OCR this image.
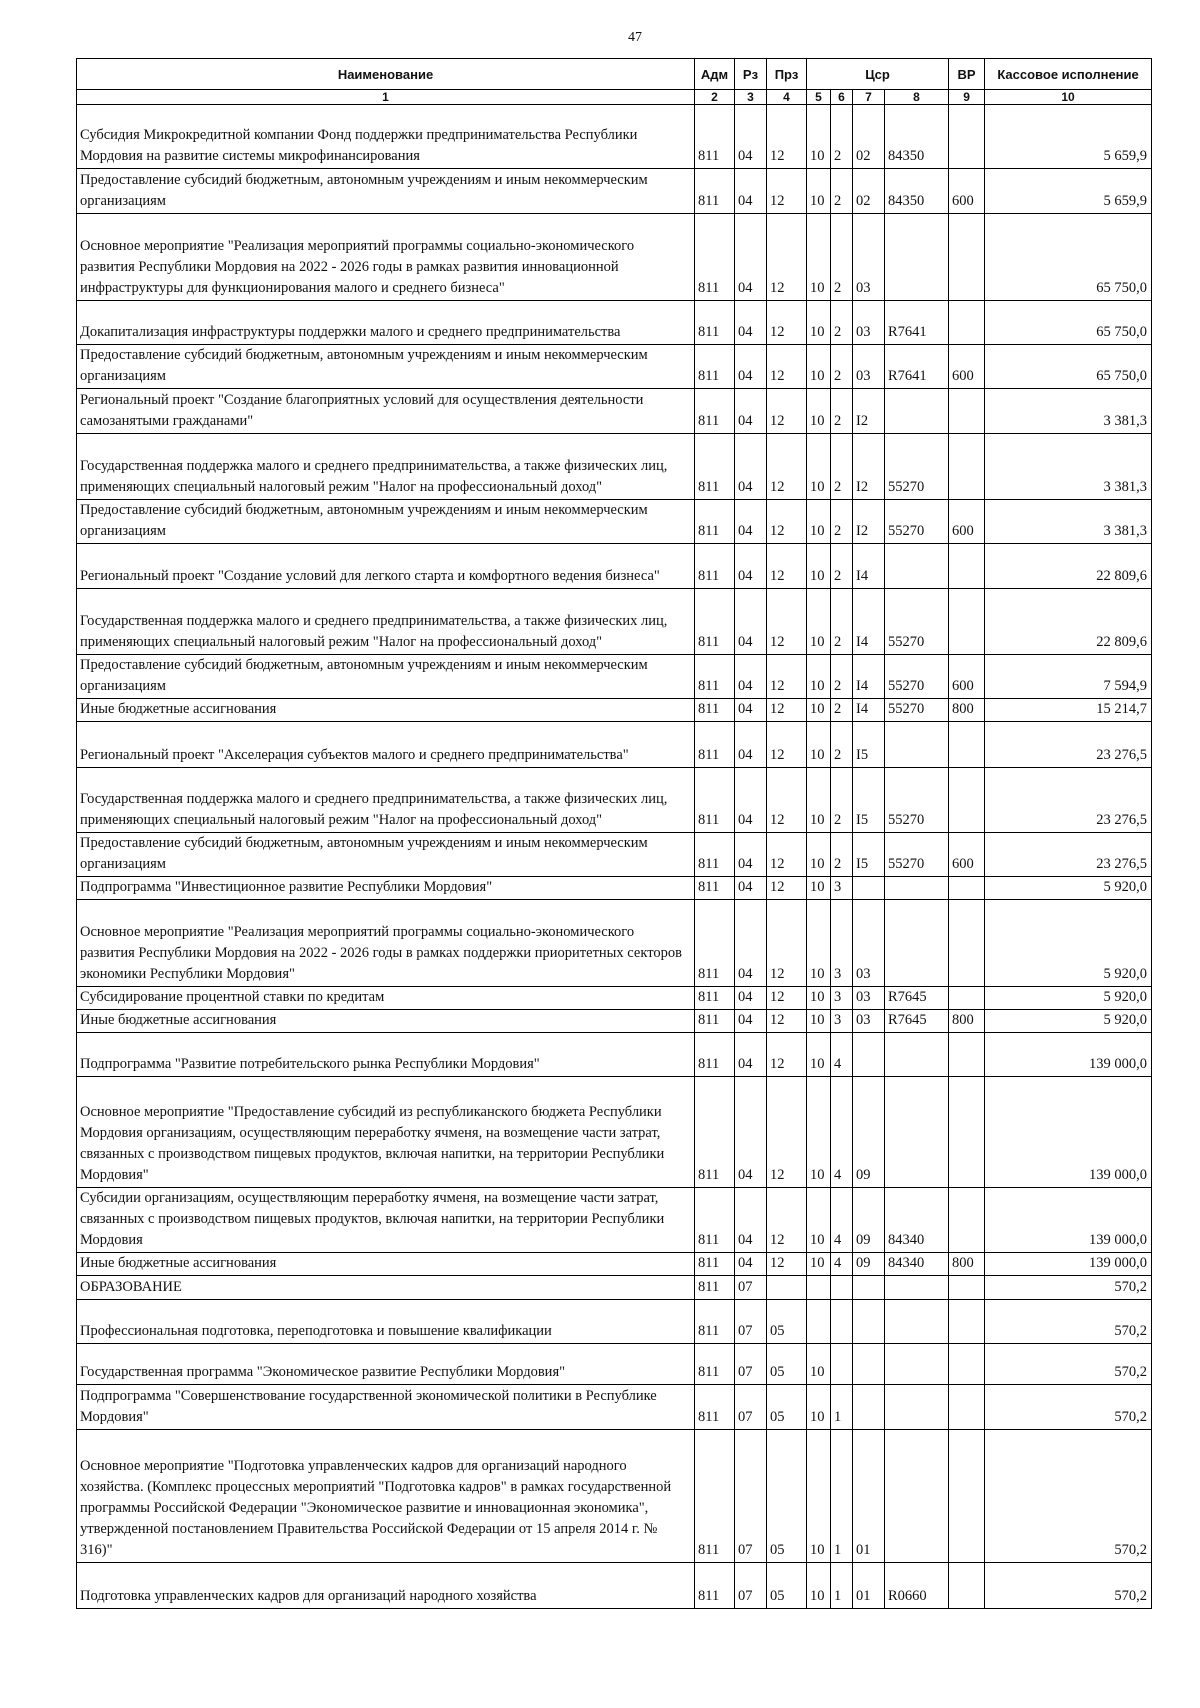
47
Наименование	Адм	Рз	Прз	Цср				ВР	Кассовое исполнение
1	2	3	4	5	6	7	8	9	10
Субсидия Микрокредитной компании Фонд поддержки предпринимательства Республики Мордовия на развитие системы микрофинансирования	811	04	12	10	2	02	84350		5 659,9
Предоставление субсидий бюджетным, автономным учреждениям и иным некоммерческим организациям	811	04	12	10	2	02	84350	600	5 659,9
Основное мероприятие "Реализация мероприятий программы социально-экономического развития Республики Мордовия на 2022 - 2026 годы в рамках развития инновационной инфраструктуры для функционирования малого и среднего бизнеса"	811	04	12	10	2	03			65 750,0
Докапитализация инфраструктуры поддержки малого и среднего предпринимательства	811	04	12	10	2	03	R7641		65 750,0
Предоставление субсидий бюджетным, автономным учреждениям и иным некоммерческим организациям	811	04	12	10	2	03	R7641	600	65 750,0
Региональный проект "Создание благоприятных условий для осуществления деятельности самозанятыми гражданами"	811	04	12	10	2	I2			3 381,3
Государственная поддержка малого и среднего предпринимательства, а также физических лиц, применяющих специальный налоговый режим "Налог на профессиональный доход"	811	04	12	10	2	I2	55270		3 381,3
Предоставление субсидий бюджетным, автономным учреждениям и иным некоммерческим организациям	811	04	12	10	2	I2	55270	600	3 381,3
Региональный проект "Создание условий для легкого старта и комфортного ведения бизнеса"	811	04	12	10	2	I4			22 809,6
Государственная поддержка малого и среднего предпринимательства, а также физических лиц, применяющих специальный налоговый режим "Налог на профессиональный доход"	811	04	12	10	2	I4	55270		22 809,6
Предоставление субсидий бюджетным, автономным учреждениям и иным некоммерческим организациям	811	04	12	10	2	I4	55270	600	7 594,9
Иные бюджетные ассигнования	811	04	12	10	2	I4	55270	800	15 214,7
Региональный проект "Акселерация субъектов малого и среднего предпринимательства"	811	04	12	10	2	I5			23 276,5
Государственная поддержка малого и среднего предпринимательства, а также физических лиц, применяющих специальный налоговый режим "Налог на профессиональный доход"	811	04	12	10	2	I5	55270		23 276,5
Предоставление субсидий бюджетным, автономным учреждениям и иным некоммерческим организациям	811	04	12	10	2	I5	55270	600	23 276,5
Подпрограмма "Инвестиционное развитие Республики Мордовия"	811	04	12	10	3				5 920,0
Основное мероприятие "Реализация мероприятий программы социально-экономического развития Республики Мордовия на 2022 - 2026 годы в рамках поддержки приоритетных секторов экономики Республики Мордовия"	811	04	12	10	3	03			5 920,0
Субсидирование процентной ставки по кредитам	811	04	12	10	3	03	R7645		5 920,0
Иные бюджетные ассигнования	811	04	12	10	3	03	R7645	800	5 920,0
Подпрограмма "Развитие потребительского рынка Республики Мордовия"	811	04	12	10	4				139 000,0
Основное мероприятие "Предоставление субсидий из республиканского бюджета Республики Мордовия организациям, осуществляющим переработку ячменя, на возмещение части затрат, связанных с производством пищевых продуктов, включая напитки, на территории Республики Мордовия"	811	04	12	10	4	09			139 000,0
Субсидии организациям, осуществляющим переработку ячменя, на возмещение части затрат, связанных с производством пищевых продуктов, включая напитки, на территории Республики Мордовия	811	04	12	10	4	09	84340		139 000,0
Иные бюджетные ассигнования	811	04	12	10	4	09	84340	800	139 000,0
ОБРАЗОВАНИЕ	811	07							570,2
Профессиональная подготовка, переподготовка и повышение квалификации	811	07	05						570,2
Государственная программа "Экономическое развитие Республики Мордовия"	811	07	05	10					570,2
Подпрограмма "Совершенствование государственной экономической политики в Республике Мордовия"	811	07	05	10	1				570,2
Основное мероприятие "Подготовка управленческих кадров для организаций народного хозяйства. (Комплекс процессных мероприятий "Подготовка кадров" в рамках государственной программы Российской Федерации "Экономическое развитие и инновационная экономика", утвержденной постановлением Правительства Российской Федерации от 15 апреля 2014 г. № 316)"	811	07	05	10	1	01			570,2
Подготовка управленческих кадров для организаций народного хозяйства	811	07	05	10	1	01	R0660		570,2
